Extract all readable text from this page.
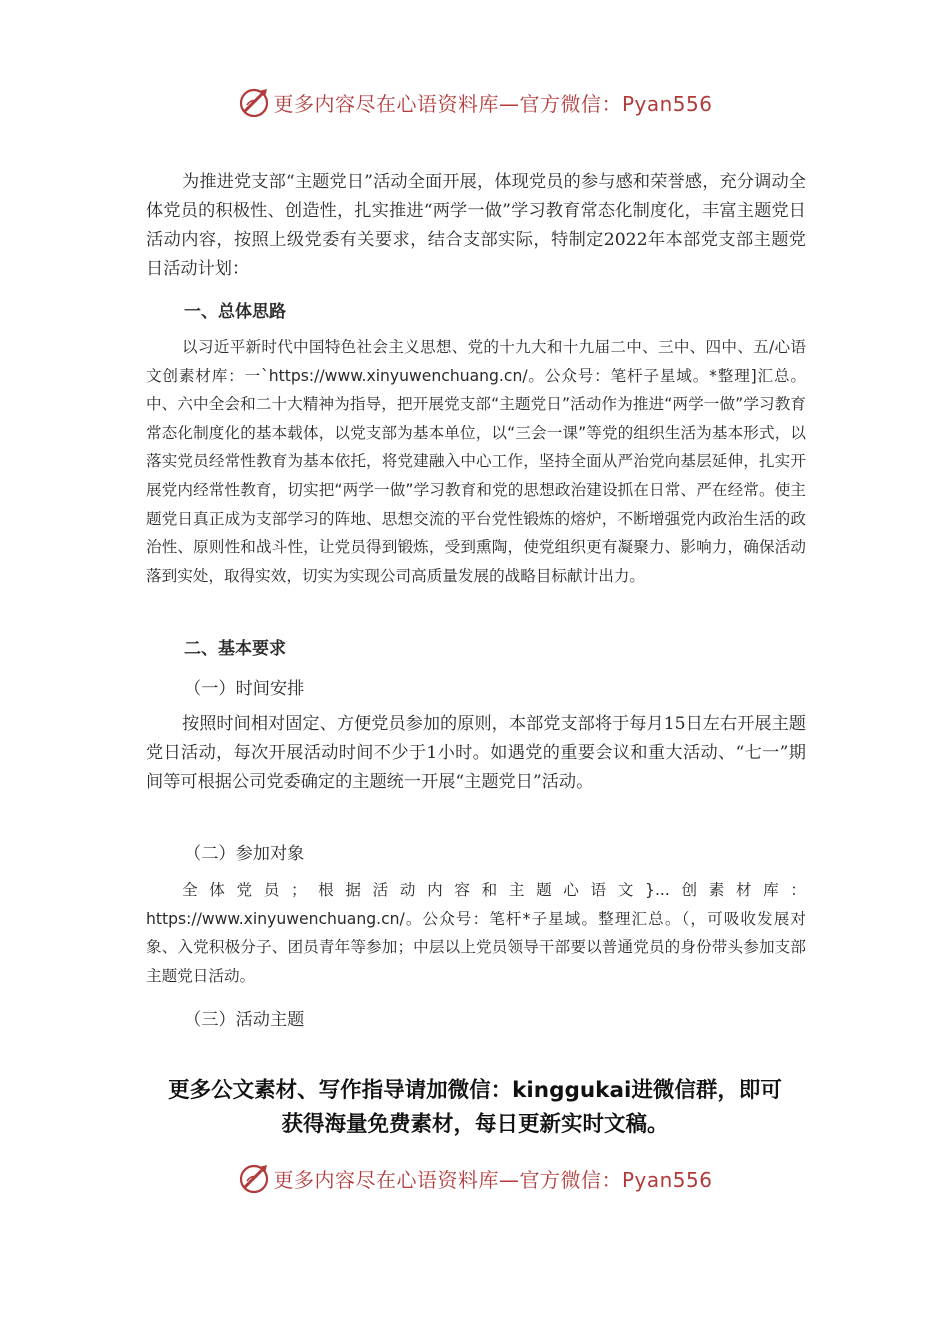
更多内容尽在心语资料库—官方微信：Pyan556

为推进党支部“主题党日”活动全面开展，体现党员的参与感和荣誉感，充分调动全体党员的积极性、创造性，扎实推进“两学一做”学习教育常态化制度化，丰富主题党日活动内容，按照上级党委有关要求，结合支部实际，特制定2022年本部党支部主题党日活动计划：

一、总体思路

以习近平新时代中国特色社会主义思想、党的十九大和十九届二中、三中、四中、五/心语文创素材库：一`https://www.xinyuwenchuang.cn/。公众号：笔杆子星域。*整理]汇总。中、六中全会和二十大精神为指导，把开展党支部“主题党日”活动作为推进“两学一做”学习教育常态化制度化的基本载体，以党支部为基本单位，以“三会一课”等党的组织生活为基本形式，以落实党员经常性教育为基本依托，将党建融入中心工作，坚持全面从严治党向基层延伸，扎实开展党内经常性教育，切实把“两学一做”学习教育和党的思想政治建设抓在日常、严在经常。使主题党日真正成为支部学习的阵地、思想交流的平台党性锻炼的熔炉，不断增强党内政治生活的政治性、原则性和战斗性，让党员得到锻炼，受到熏陶，使党组织更有凝聚力、影响力，确保活动落到实处，取得实效，切实为实现公司高质量发展的战略目标献计出力。

二、基本要求

（一）时间安排

按照时间相对固定、方便党员参加的原则，本部党支部将于每月15日左右开展主题党日活动，每次开展活动时间不少于1小时。如遇党的重要会议和重大活动、“七一”期间等可根据公司党委确定的主题统一开展“主题党日”活动。

（二）参加对象

全体党员；根据活动内容和主题心语文}...创素材库：https://www.xinyuwenchuang.cn/。公众号：笔杆*子星域。整理汇总。（，可吸收发展对象、入党积极分子、团员青年等参加；中层以上党员领导干部要以普通党员的身份带头参加支部主题党日活动。

（三）活动主题

更多公文素材、写作指导请加微信：kinggukai进微信群，即可

获得海量免费素材，每日更新实时文稿。

更多内容尽在心语资料库—官方微信：Pyan556
